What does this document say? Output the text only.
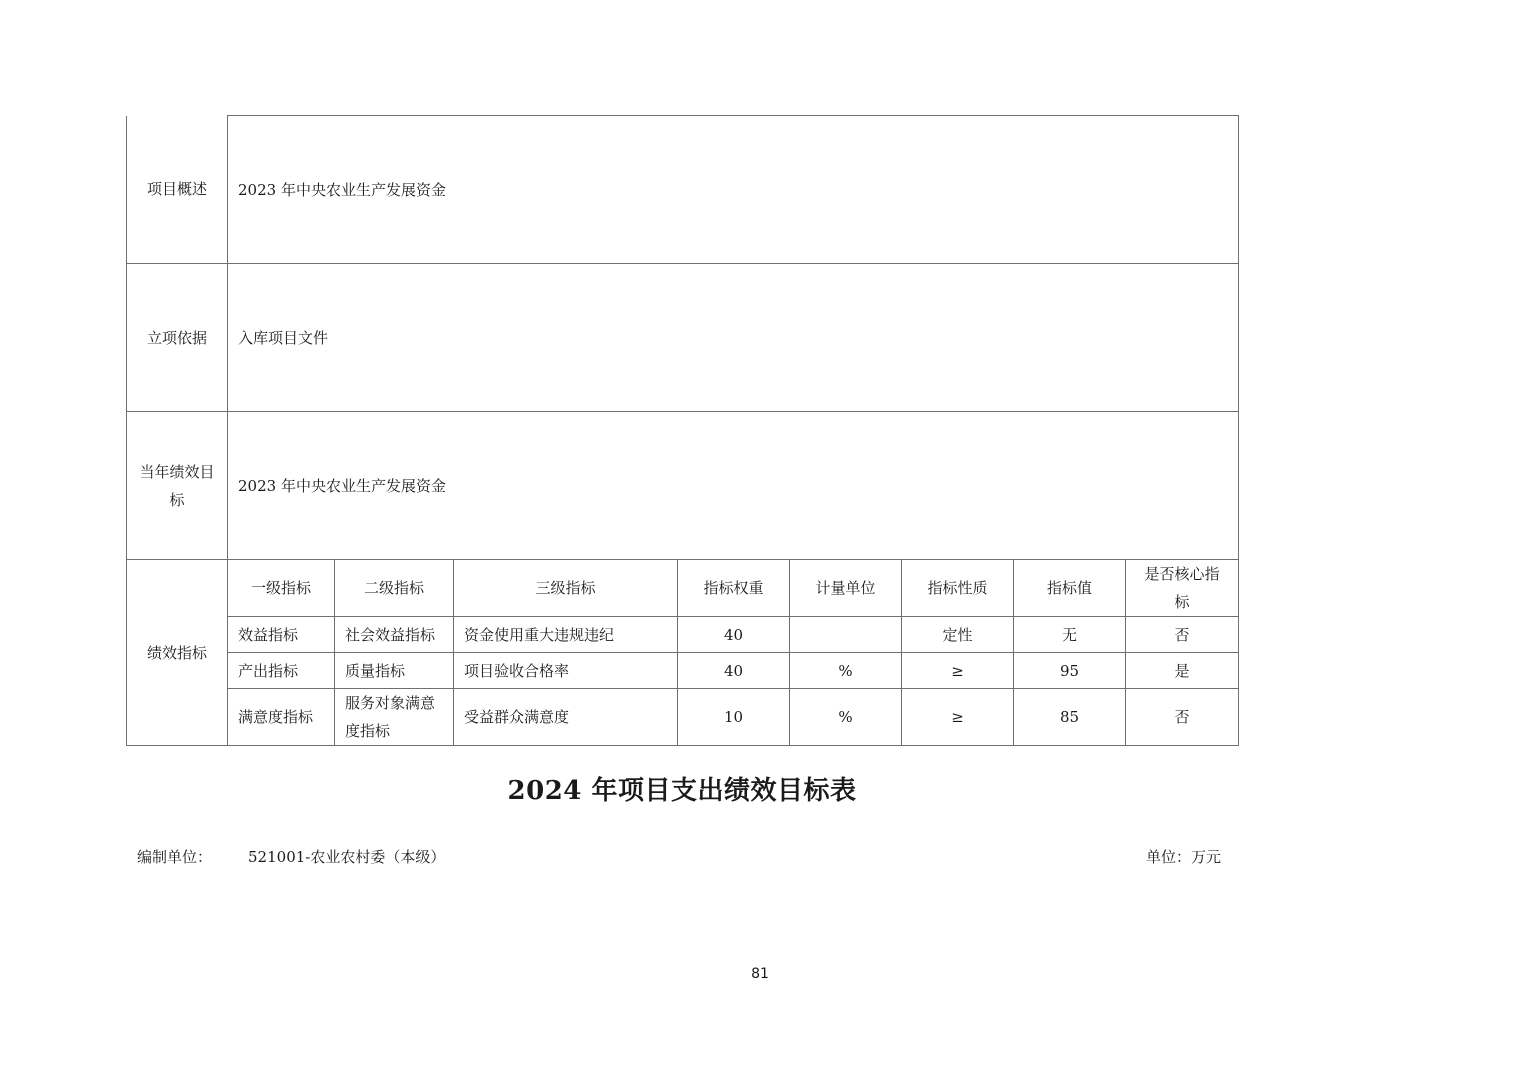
项目概述	2023 年中央农业生产发展资金							
立项依据	入库项目文件							
当年绩效目标	2023 年中央农业生产发展资金							
绩效指标	一级指标	二级指标	三级指标	指标权重	计量单位	指标性质	指标值	是否核心指标
	效益指标	社会效益指标	资金使用重大违规违纪	40		定性	无	否
	产出指标	质量指标	项目验收合格率	40	%	≥	95	是
	满意度指标	服务对象满意度指标	受益群众满意度	10	%	≥	85	否
2024 年项目支出绩效目标表
编制单位： 521001-农业农村委（本级）	单位：万元
81
